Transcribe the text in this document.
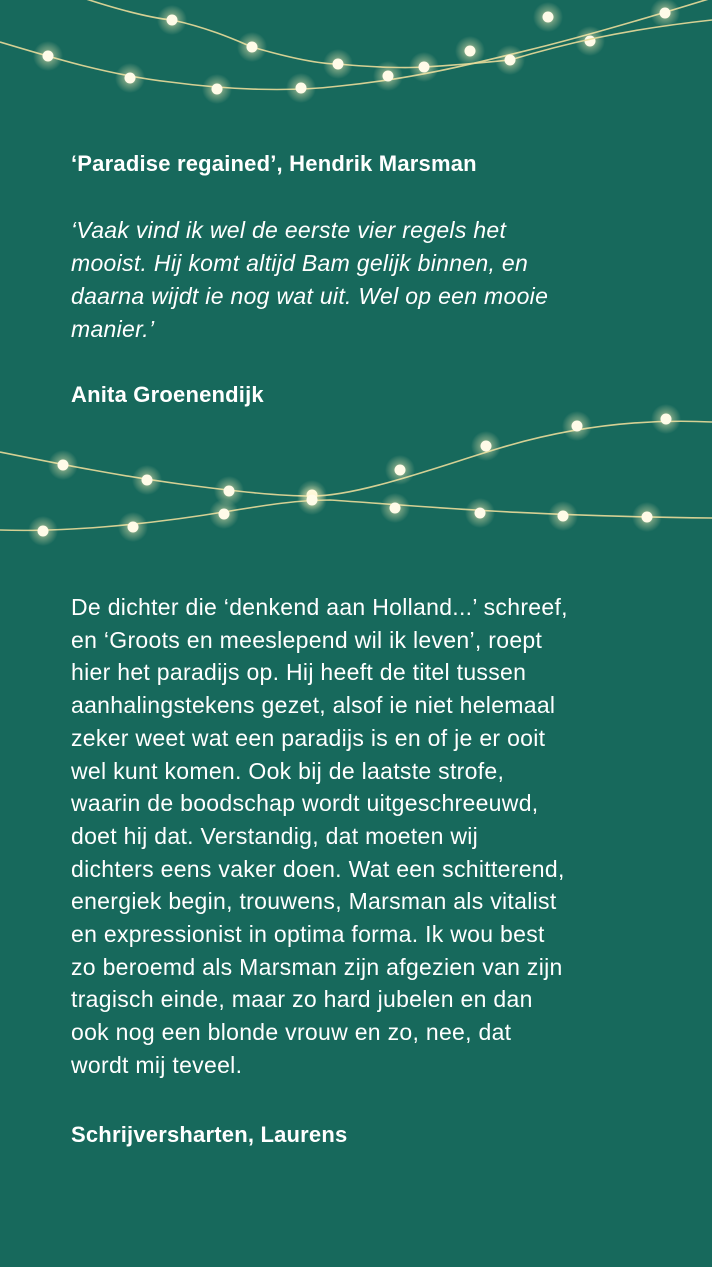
‘Paradise regained’, Hendrik Marsman
‘Vaak vind ik wel de eerste vier regels het
mooist. Hij komt altijd Bam gelijk binnen, en
daarna wijdt ie nog wat uit. Wel op een mooie
manier.’
Anita Groenendijk
De dichter die ‘denkend aan Holland...’ schreef,
en ‘Groots en meeslepend wil ik leven’, roept
hier het paradijs op. Hij heeft de titel tussen
aanhalingstekens gezet, alsof ie niet helemaal
zeker weet wat een paradijs is en of je er ooit
wel kunt komen. Ook bij de laatste strofe,
waarin de boodschap wordt uitgeschreeuwd,
doet hij dat. Verstandig, dat moeten wij
dichters eens vaker doen. Wat een schitterend,
energiek begin, trouwens, Marsman als vitalist
en expressionist in optima forma. Ik wou best
zo beroemd als Marsman zijn afgezien van zijn
tragisch einde, maar zo hard jubelen en dan
ook nog een blonde vrouw en zo, nee, dat
wordt mij teveel.
Schrijversharten, Laurens
